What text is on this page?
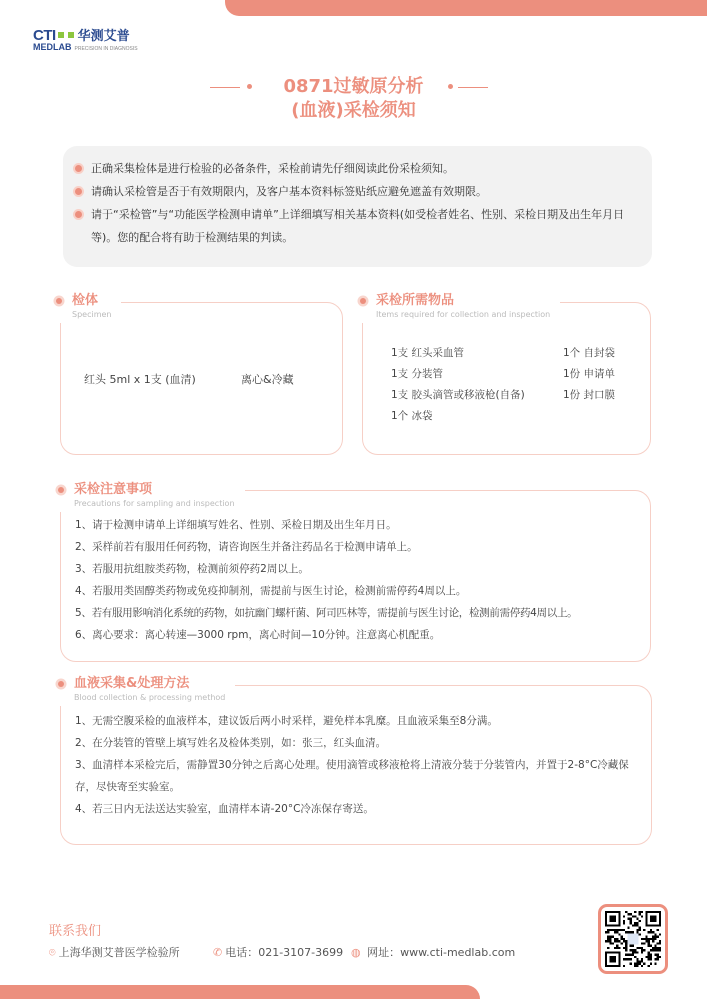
CTI 华测艾普
MEDLAB PRECISION IN DIAGNOSIS
0871过敏原分析
(血液)采检须知
正确采集检体是进行检验的必备条件，采检前请先仔细阅读此份采检须知。
请确认采检管是否于有效期限内，及客户基本资料标签贴纸应避免遮盖有效期限。
请于“采检管”与“功能医学检测申请单”上详细填写相关基本资料(如受检者姓名、性别、采检日期及出生年月日等)。您的配合将有助于检测结果的判读。
红头 5ml x 1支 (血清)	离心&冷藏
检体
Specimen
1支 红头采血管
1支 分装管
1支 胶头滴管或移液枪(自备)
1个 冰袋
1个 自封袋
1份 申请单
1份 封口膜
采检所需物品
Items required for collection and inspection
1、请于检测申请单上详细填写姓名、性别、采检日期及出生年月日。
2、采样前若有服用任何药物，请咨询医生并备注药品名于检测申请单上。
3、若服用抗组胺类药物，检测前须停药2周以上。
4、若服用类固醇类药物或免疫抑制剂，需提前与医生讨论，检测前需停药4周以上。
5、若有服用影响消化系统的药物，如抗幽门螺杆菌、阿司匹林等，需提前与医生讨论，检测前需停药4周以上。
6、离心要求：离心转速—3000 rpm，离心时间—10分钟。注意离心机配重。
采检注意事项
Precautions for sampling and inspection
1、无需空腹采检的血液样本，建议饭后两小时采样，避免样本乳糜。且血液采集至8分满。
2、在分装管的管壁上填写姓名及检体类别，如：张三，红头血清。
3、血清样本采检完后，需静置30分钟之后离心处理。使用滴管或移液枪将上清液分装于分装管内，并置于2-8°C冷藏保存，尽快寄至实验室。
4、若三日内无法送达实验室，血清样本请-20°C冷冻保存寄送。
血液采集&处理方法
Blood collection & processing method
联系我们
⌾ 上海华测艾普医学检验所	✆ 电话：021-3107-3699 ◍ 网址：www.cti-medlab.com
